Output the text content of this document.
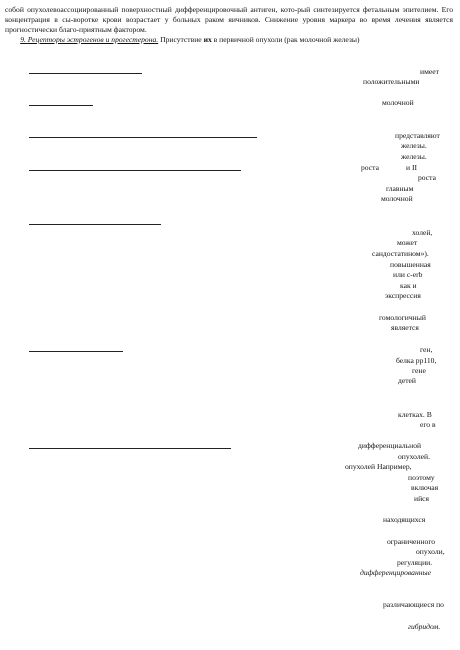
собой опухолевоассоциированный поверхностный дифференцировочный антиген, кото-рый синтезируется фетальным эпителием. Его концентрация в сы-воротке крови возрастает у больных раком яичников. Снижение уровня маркера во время лечения является прогностически благо-приятным фактором.
9. Рецепторы эстрогенов и прогестерона. Присутствие их в первичной опухоли (рак молочной железы)

имеет
положительными
молочной
представляют
железы.
железы.
роста	и II
роста
главным
молочной
холей,
может
сандостатином»).
повышенная
или c-erb
как и
экспрессия
гомологичный
является
ген,
белка рр110,
гене
детей
клетках. В
его в
дифференциальной
опухолей.
опухолей Например,
поэтому
включая
ийся
находящихся
ограниченного
опухоли,
регуляции.
дифференцированные
различающиеся по
гибридом.
